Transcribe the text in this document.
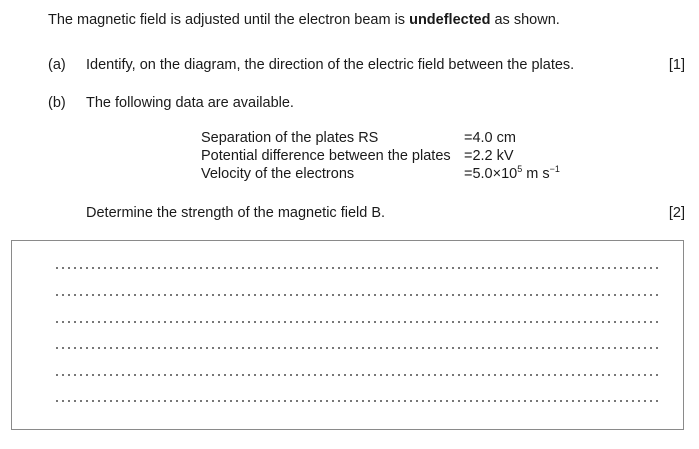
The magnetic field is adjusted until the electron beam is undeflected as shown.
(a) Identify, on the diagram, the direction of the electric field between the plates.	[1]
(b) The following data are available.
Separation of the plates RS	=4.0 cm
Potential difference between the plates =2.2 kV
Velocity of the electrons	$=5.0\times 10^5$ m $s^{-1}$
Determine the strength of the magnetic field B.	[2]
